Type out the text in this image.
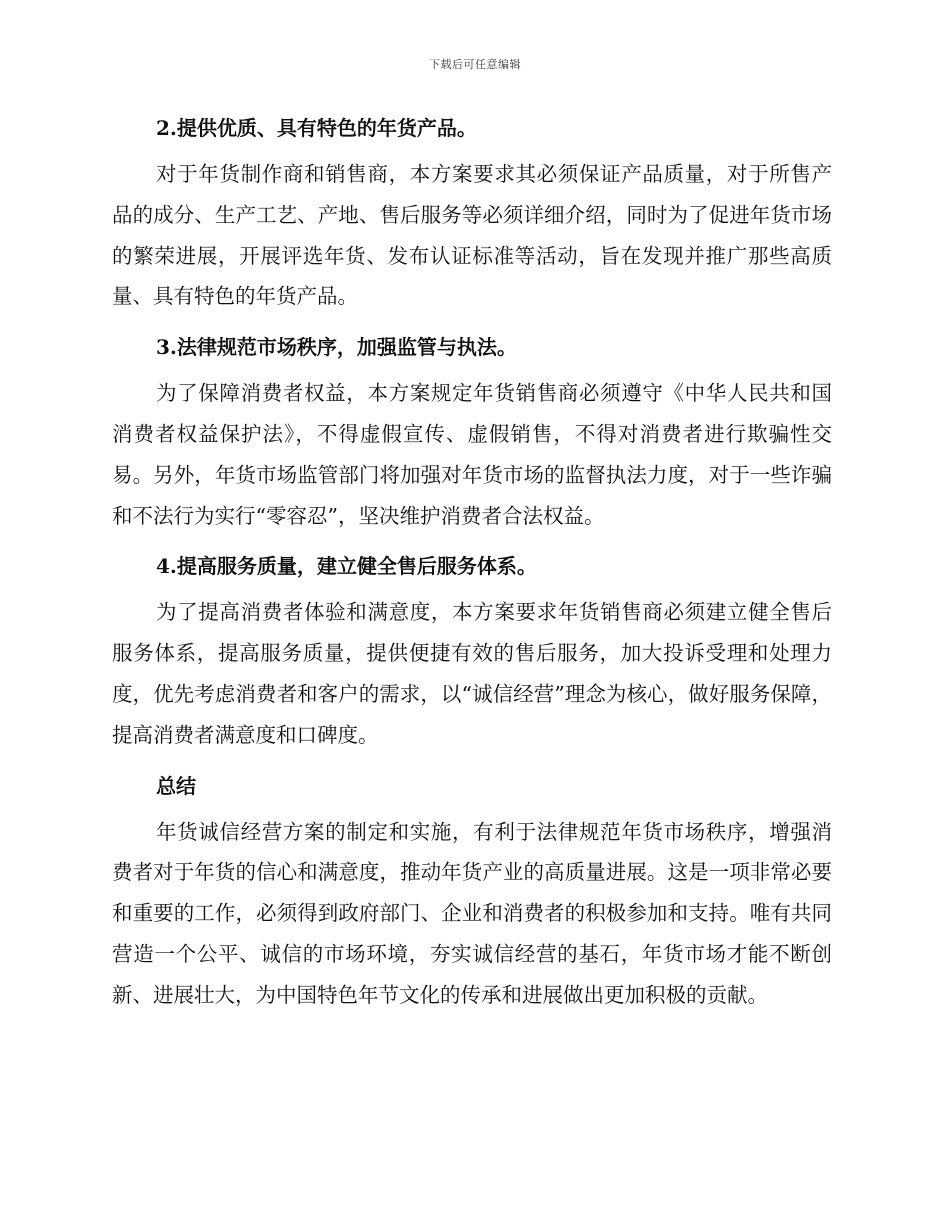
下载后可任意编辑
2.提供优质、具有特色的年货产品。

对于年货制作商和销售商，本方案要求其必须保证产品质量，对于所售产品的成分、生产工艺、产地、售后服务等必须详细介绍，同时为了促进年货市场的繁荣进展，开展评选年货、发布认证标准等活动，旨在发现并推广那些高质量、具有特色的年货产品。

3.法律规范市场秩序，加强监管与执法。

为了保障消费者权益，本方案规定年货销售商必须遵守《中华人民共和国消费者权益保护法》，不得虚假宣传、虚假销售，不得对消费者进行欺骗性交易。另外，年货市场监管部门将加强对年货市场的监督执法力度，对于一些诈骗和不法行为实行“零容忍”，坚决维护消费者合法权益。

4.提高服务质量，建立健全售后服务体系。

为了提高消费者体验和满意度，本方案要求年货销售商必须建立健全售后服务体系，提高服务质量，提供便捷有效的售后服务，加大投诉受理和处理力度，优先考虑消费者和客户的需求，以“诚信经营”理念为核心，做好服务保障，提高消费者满意度和口碑度。

总结

年货诚信经营方案的制定和实施，有利于法律规范年货市场秩序，增强消费者对于年货的信心和满意度，推动年货产业的高质量进展。这是一项非常必要和重要的工作，必须得到政府部门、企业和消费者的积极参加和支持。唯有共同营造一个公平、诚信的市场环境，夯实诚信经营的基石，年货市场才能不断创新、进展壮大，为中国特色年节文化的传承和进展做出更加积极的贡献。
